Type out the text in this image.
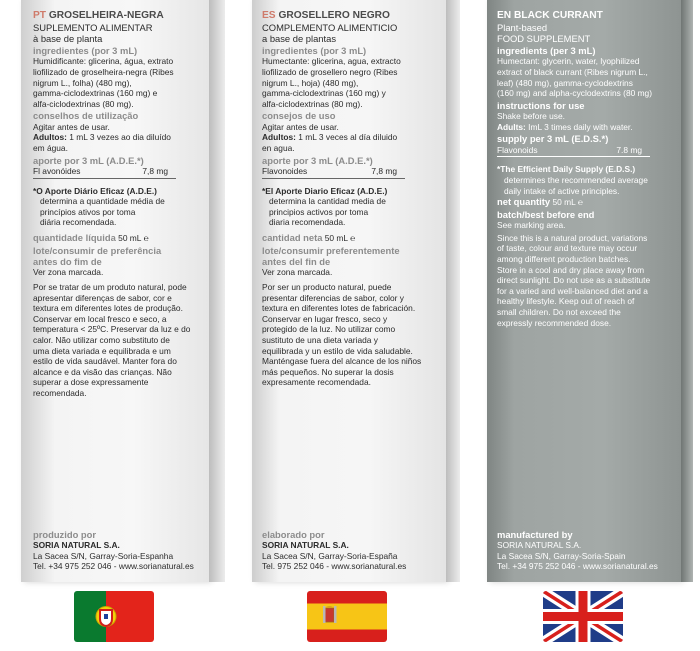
PT GROSELHEIRA-NEGRA
SUPLEMENTO ALIMENTAR
à base de planta
ingredientes (por 3 mL)
Humidificante: glicerina, água, extrato
liofilizado de groselheira-negra (Ribes
nigrum L., folha) (480 mg),
gamma-ciclodextrinas (160 mg) e
alfa-ciclodextrinas (80 mg).
conselhos de utilização
Agitar antes de usar.
Adultos: 1 mL 3 vezes ao dia diluído
em água.
aporte por 3 mL (A.D.E.*)
Fl avonóides	7,8 mg
*O Aporte Diário Eficaz (A.D.E.)
determina a quantidade média de
princípios ativos por toma
diária recomendada.
quantidade líquida 50 mL ℮
lote/consumir de preferência
antes do fim de
Ver zona marcada.
Por se tratar de um produto natural, pode
apresentar diferenças de sabor, cor e
textura em diferentes lotes de produção.
Conservar em local fresco e seco, a
temperatura < 25ºC. Preservar da luz e do
calor. Não utilizar como substituto de
uma dieta variada e equilibrada e um
estilo de vida saudável. Manter fora do
alcance e da visão das crianças. Não
superar a dose expressamente
recomendada.
produzido por
SORIA NATURAL S.A.
La Sacea S/N, Garray-Soria-Espanha
Tel. +34 975 252 046 - www.sorianatural.es
ES GROSELLERO NEGRO
COMPLEMENTO ALIMENTICIO
a base de plantas
ingredientes (por 3 mL)
Humectante: glicerina, agua, extracto
liofilizado de grosellero negro (Ribes
nigrum L., hoja) (480 mg),
gamma-ciclodextrinas (160 mg) y
alfa-ciclodextrinas (80 mg).
consejos de uso
Agitar antes de usar.
Adultos: 1 mL 3 veces al día diluido
en agua.
aporte por 3 mL (A.D.E.*)
Flavonoides	7,8 mg
*El Aporte Diario Eficaz (A.D.E.)
determina la cantidad media de
principios activos por toma
diaria recomendada.
cantidad neta 50 mL ℮
lote/consumir preferentemente
antes del fin de
Ver zona marcada.
Por ser un producto natural, puede
presentar diferencias de sabor, color y
textura en diferentes lotes de fabricación.
Conservar en lugar fresco, seco y
protegido de la luz. No utilizar como
sustituto de una dieta variada y
equilibrada y un estilo de vida saludable.
Manténgase fuera del alcance de los niños
más pequeños. No superar la dosis
expresamente recomendada.
elaborado por
SORIA NATURAL S.A.
La Sacea S/N, Garray-Soria-España
Tel. 975 252 046 - www.sorianatural.es
EN BLACK CURRANT
Plant-based
FOOD SUPPLEMENT
ingredients (per 3 mL)
Humectant: glycerin, water, lyophilized
extract of black currant (Ribes nigrum L.,
leaf) (480 mg), gamma-cyclodextrins
(160 mg) and alpha-cyclodextrins (80 mg)
instructions for use
Shake before use.
Adults: ImL 3 times daily with water.
supply per 3 mL (E.D.S.*)
Flavonoids	7.8 mg
*The Efficient Daily Supply (E.D.S.)
determines the recommended average
daily intake of active principles.
net quantity 50 mL ℮
batch/best before end
See marking area.
Since this is a natural product, variations
of taste, colour and texture may occur
among different production batches.
Store in a cool and dry place away from
direct sunlight. Do not use as a substitute
for a varied and well-balanced diet and a
healthy lifestyle. Keep out of reach of
small children. Do not exceed the
expressly recommended dose.
manufactured by
SORIA NATURAL S.A.
La Sacea S/N, Garray-Soria-Spain
Tel. +34 975 252 046 - www.sorianatural.es
